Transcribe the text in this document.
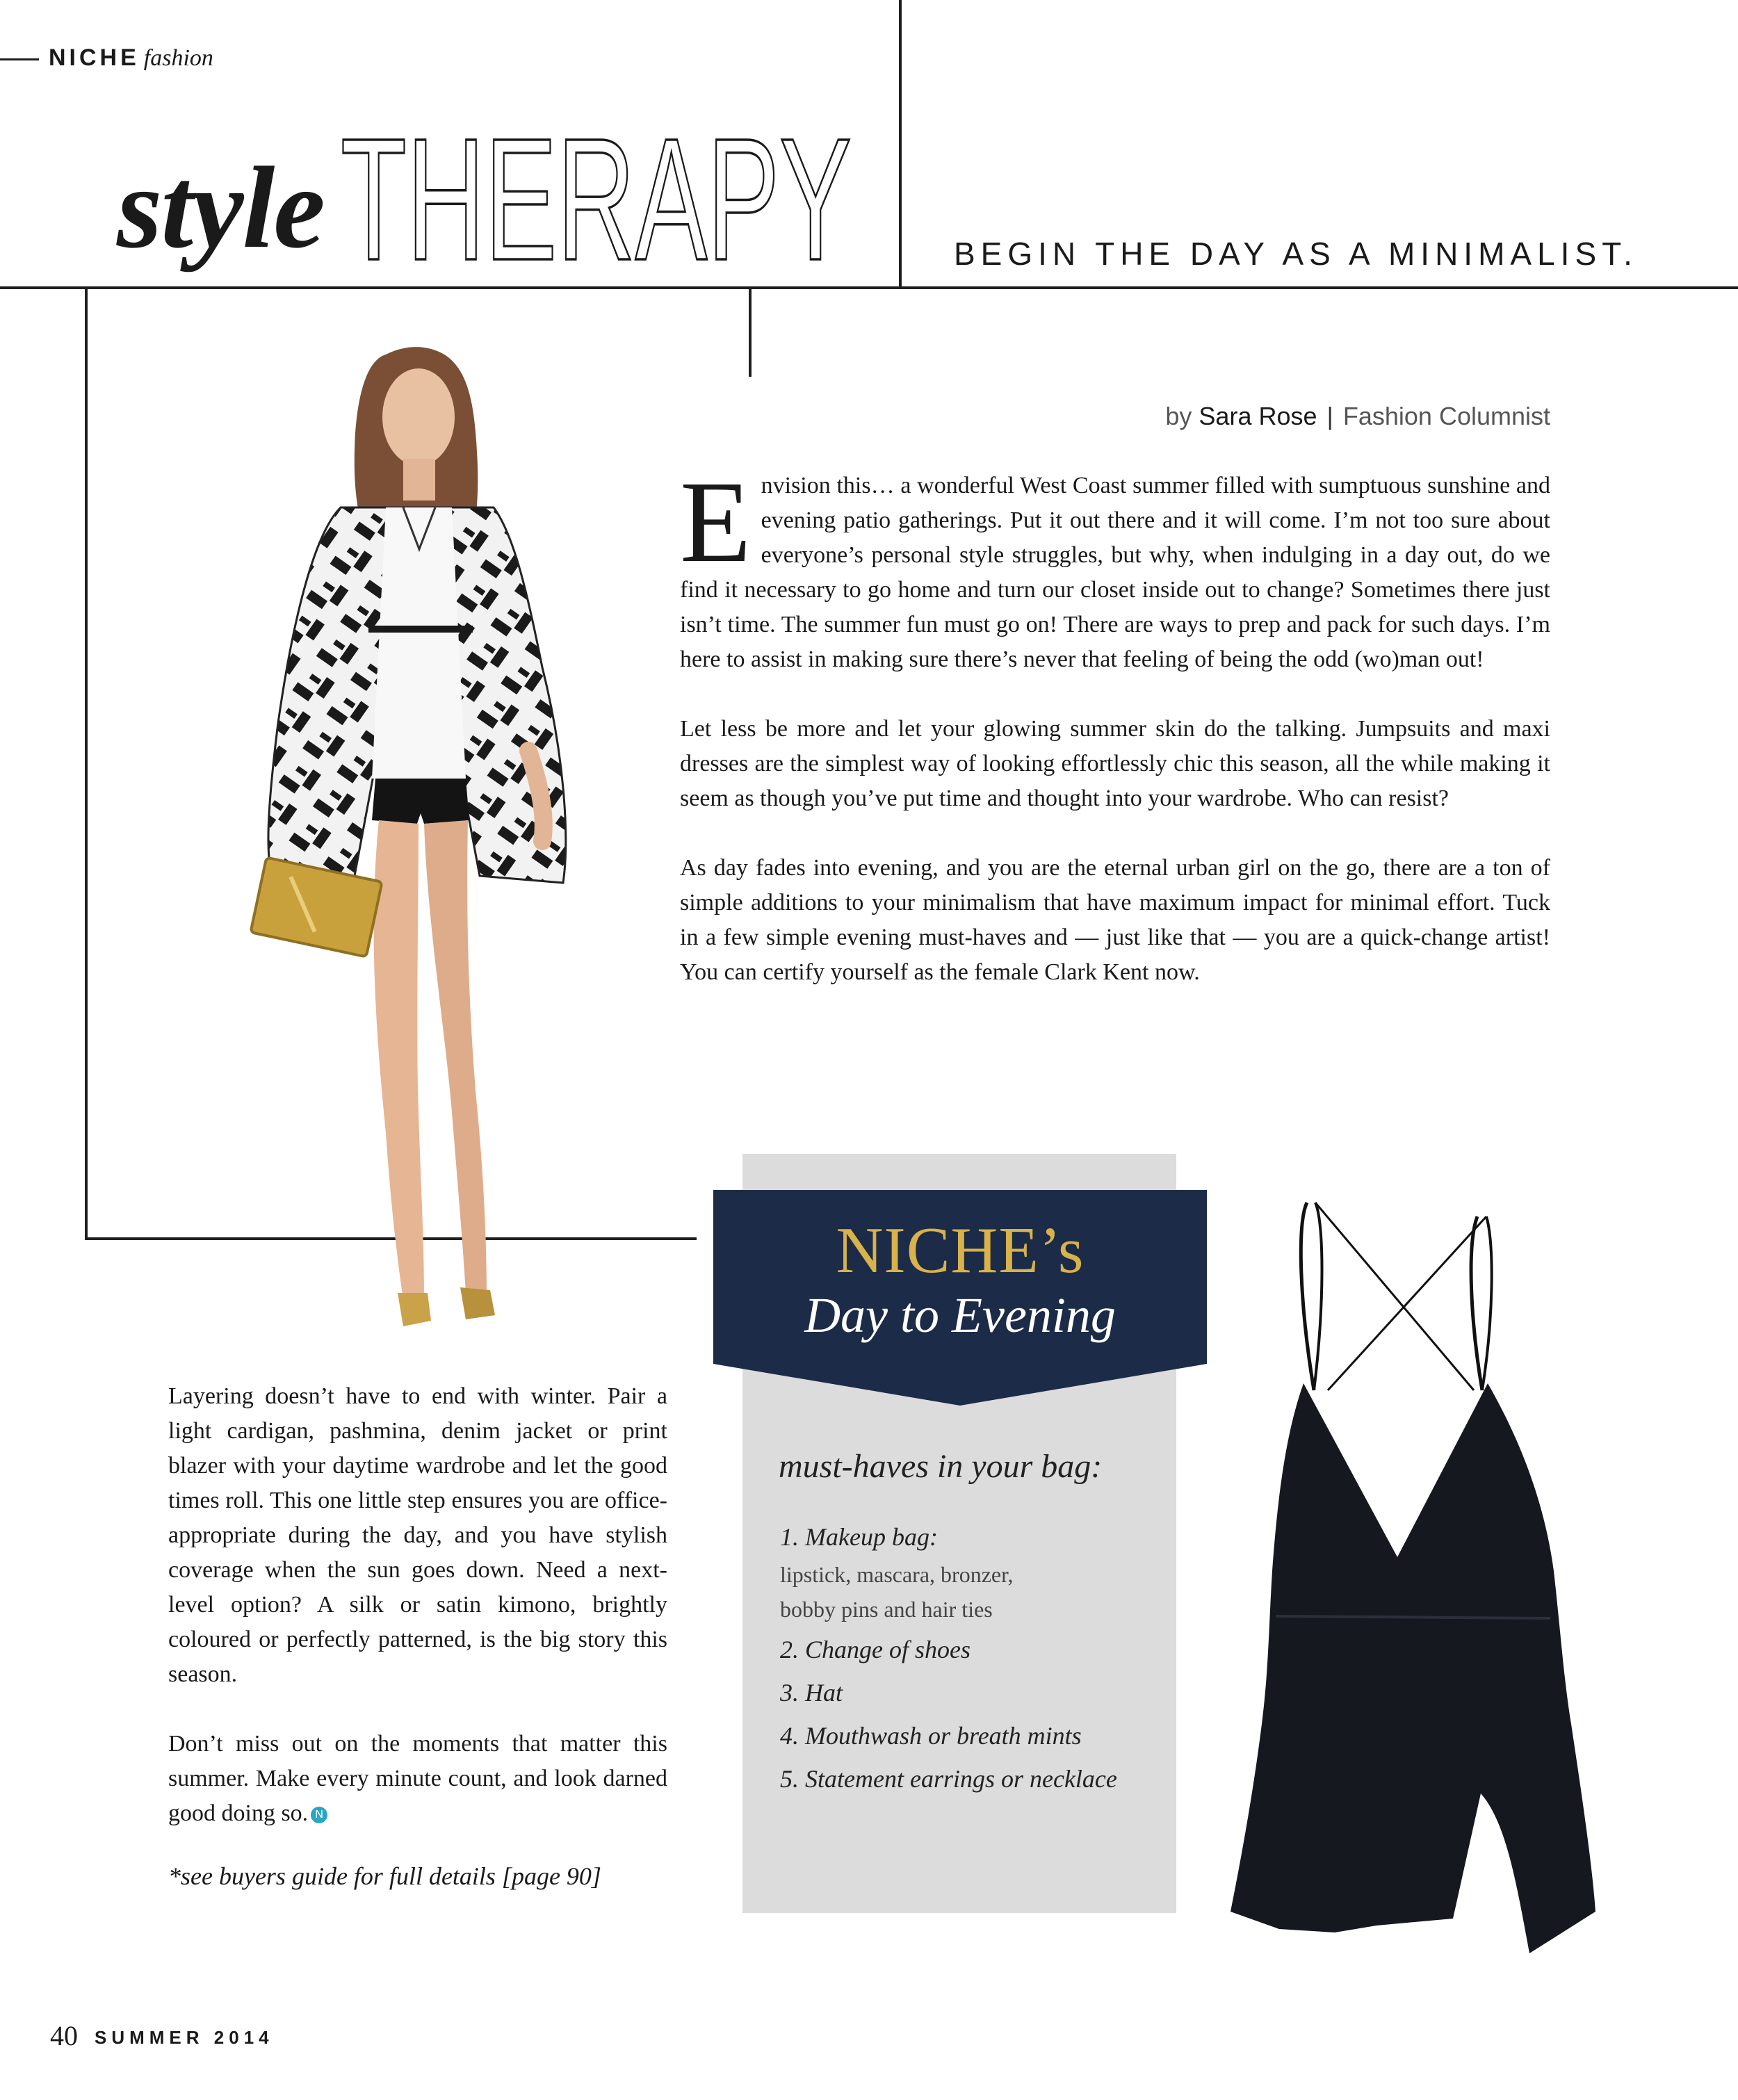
NICHE fashion
style THERAPY	BEGIN THE DAY AS A MINIMALIST.
by Sara Rose | Fashion Columnist

Envision this… a wonderful West Coast summer filled with sumptuous sunshine and evening patio gatherings. Put it out there and it will come. I’m not too sure about everyone’s personal style struggles, but why, when indulging in a day out, do we find it necessary to go home and turn our closet inside out to change? Sometimes there just isn’t time. The summer fun must go on! There are ways to prep and pack for such days. I’m here to assist in making sure there’s never that feeling of being the odd (wo)man out!

Let less be more and let your glowing summer skin do the talking. Jumpsuits and maxi dresses are the simplest way of looking effortlessly chic this season, all the while making it seem as though you’ve put time and thought into your wardrobe. Who can resist?

As day fades into evening, and you are the eternal urban girl on the go, there are a ton of simple additions to your minimalism that have maximum impact for minimal effort. Tuck in a few simple evening must-haves and — just like that — you are a quick-change artist! You can certify yourself as the female Clark Kent now.

Layering doesn’t have to end with winter. Pair a light cardigan, pashmina, denim jacket or print blazer with your daytime wardrobe and let the good times roll. This one little step ensures you are office-appropriate during the day, and you have stylish coverage when the sun goes down. Need a next-level option? A silk or satin kimono, brightly coloured or perfectly patterned, is the big story this season.

Don’t miss out on the moments that matter this summer. Make every minute count, and look darned good doing so. N

*see buyers guide for full details [page 90]
NICHE’s
Day to Evening
must-haves in your bag:
1. Makeup bag:
lipstick, mascara, bronzer,
bobby pins and hair ties
2. Change of shoes
3. Hat
4. Mouthwash or breath mints
5. Statement earrings or necklace
40 SUMMER 2014
